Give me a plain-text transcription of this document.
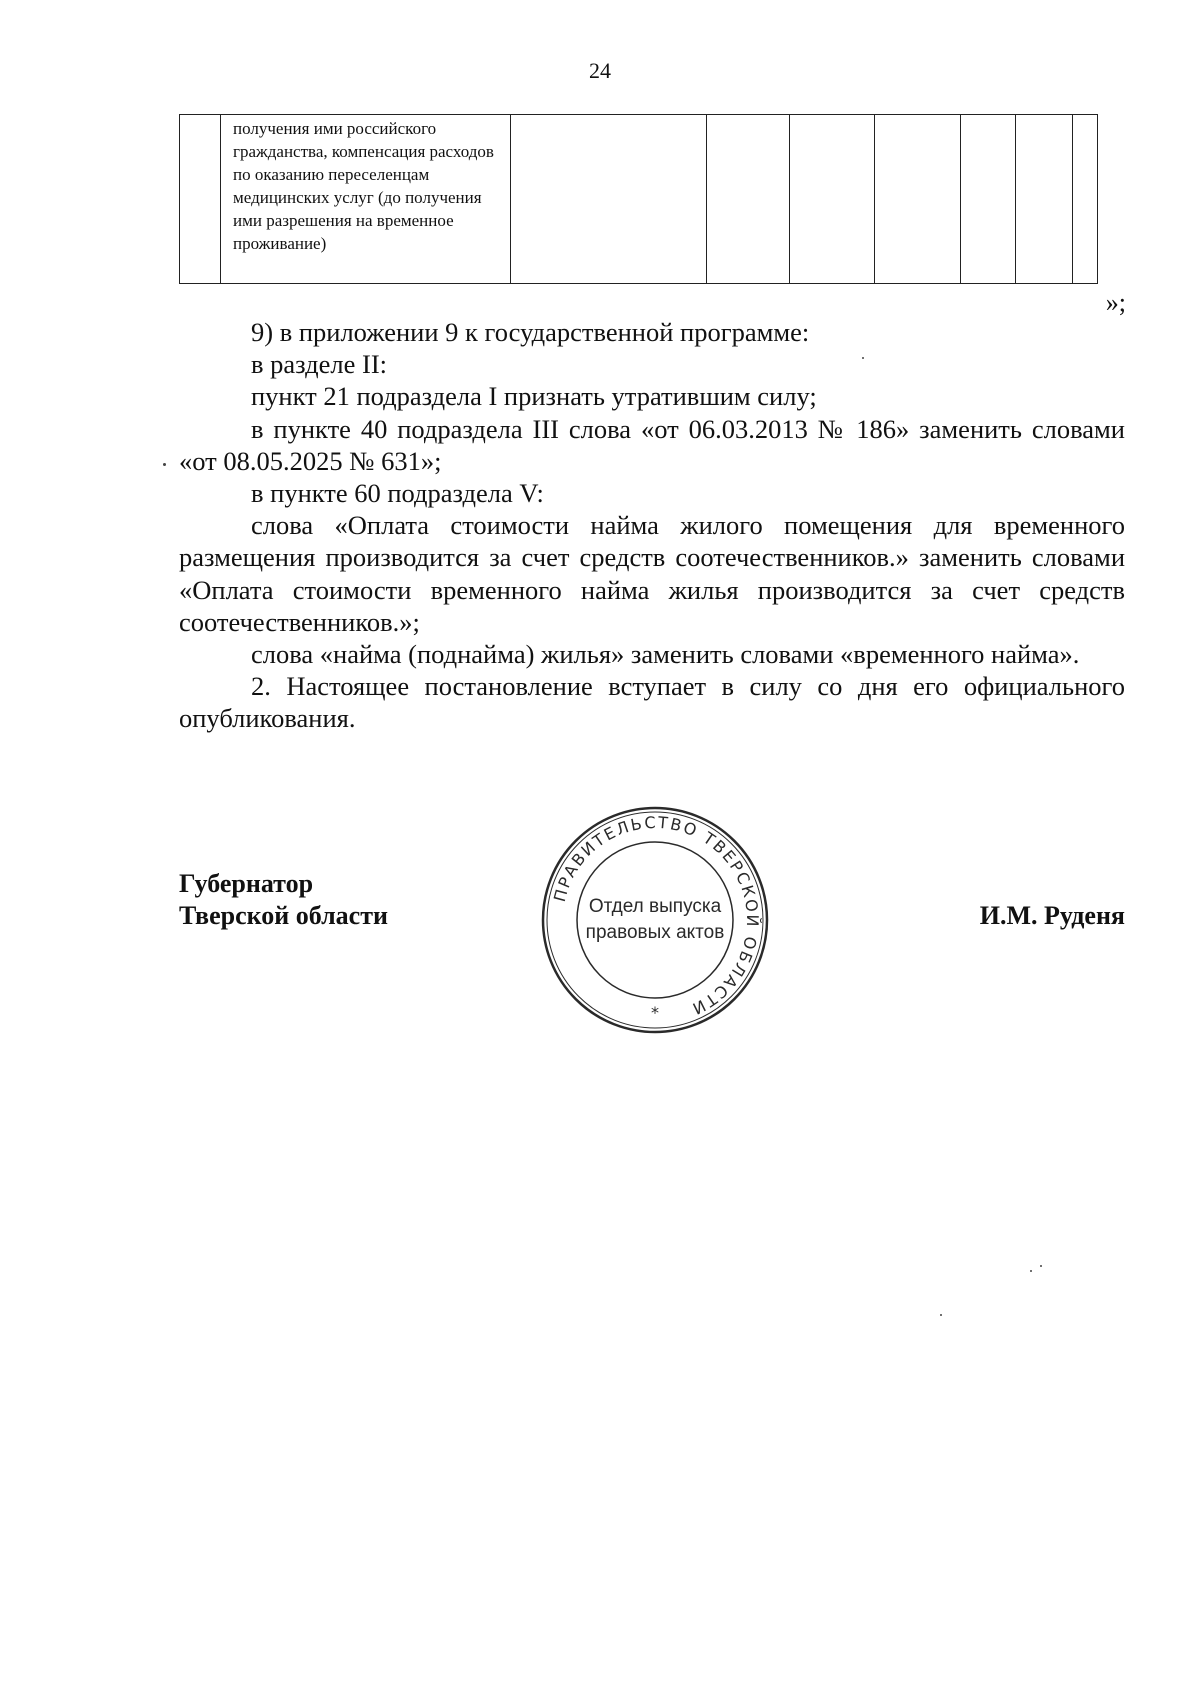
24
	получения ими российского гражданства, компенсация расходов по оказанию переселенцам медицинских услуг (до получения ими разрешения на временное проживание)							
»;

9) в приложении 9 к государственной программе:

в разделе II:

пункт 21 подраздела I признать утратившим силу;

в пункте 40 подраздела III слова «от 06.03.2013 № 186» заменить словами «от 08.05.2025 № 631»;

в пункте 60 подраздела V:

слова «Оплата стоимости найма жилого помещения для временного размещения производится за счет средств соотечественников.» заменить словами «Оплата стоимости временного найма жилья производится за счет средств соотечественников.»;

слова «найма (поднайма) жилья» заменить словами «временного найма».

2. Настоящее постановление вступает в силу со дня его официального опубликования.

Губернатор
Тверской области	И.М. Руденя
ПРАВИТЕЛЬСТВО ТВЕРСКОЙ ОБЛАСТИ
Отдел выпуска
правовых актов
*
